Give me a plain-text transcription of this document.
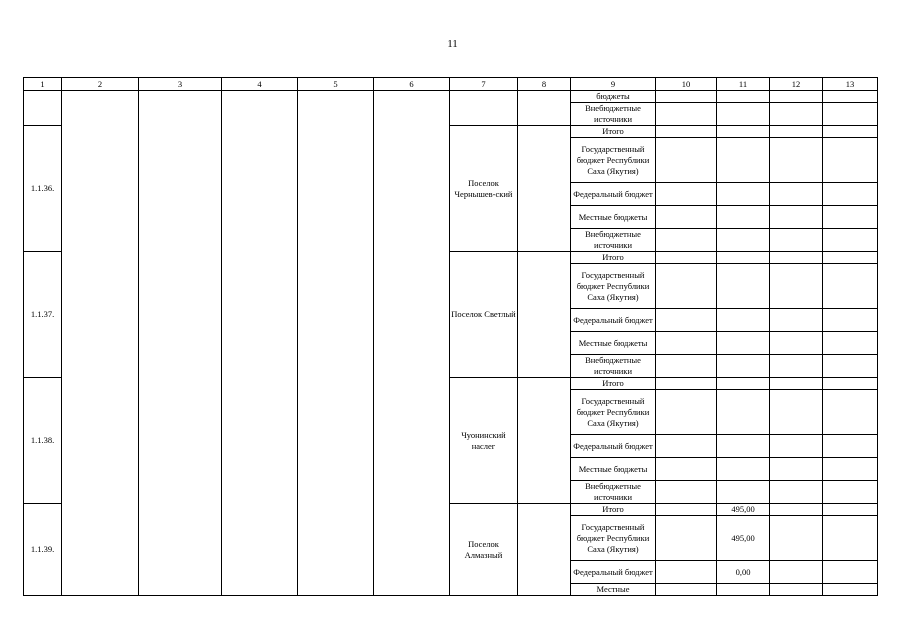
11
1	2	3	4	5	6	7	8	9	10	11	12	13
								бюджеты				
								Внебюджетные источники				
1.1.36.						Поселок Чернышев-ский		Итого				
								Государственный бюджет Республики Саха (Якутия)				
								Федеральный бюджет				
								Местные бюджеты				
								Внебюджетные источники				
1.1.37.						Поселок Светлый		Итого				
								Государственный бюджет Республики Саха (Якутия)				
								Федеральный бюджет				
								Местные бюджеты				
								Внебюджетные источники				
1.1.38.						Чуонинский наслег		Итого				
								Государственный бюджет Республики Саха (Якутия)				
								Федеральный бюджет				
								Местные бюджеты				
								Внебюджетные источники				
1.1.39.						Поселок Алмазный		Итого		495,00		
								Государственный бюджет Республики Саха (Якутия)		495,00		
								Федеральный бюджет		0,00		
								Местные				
